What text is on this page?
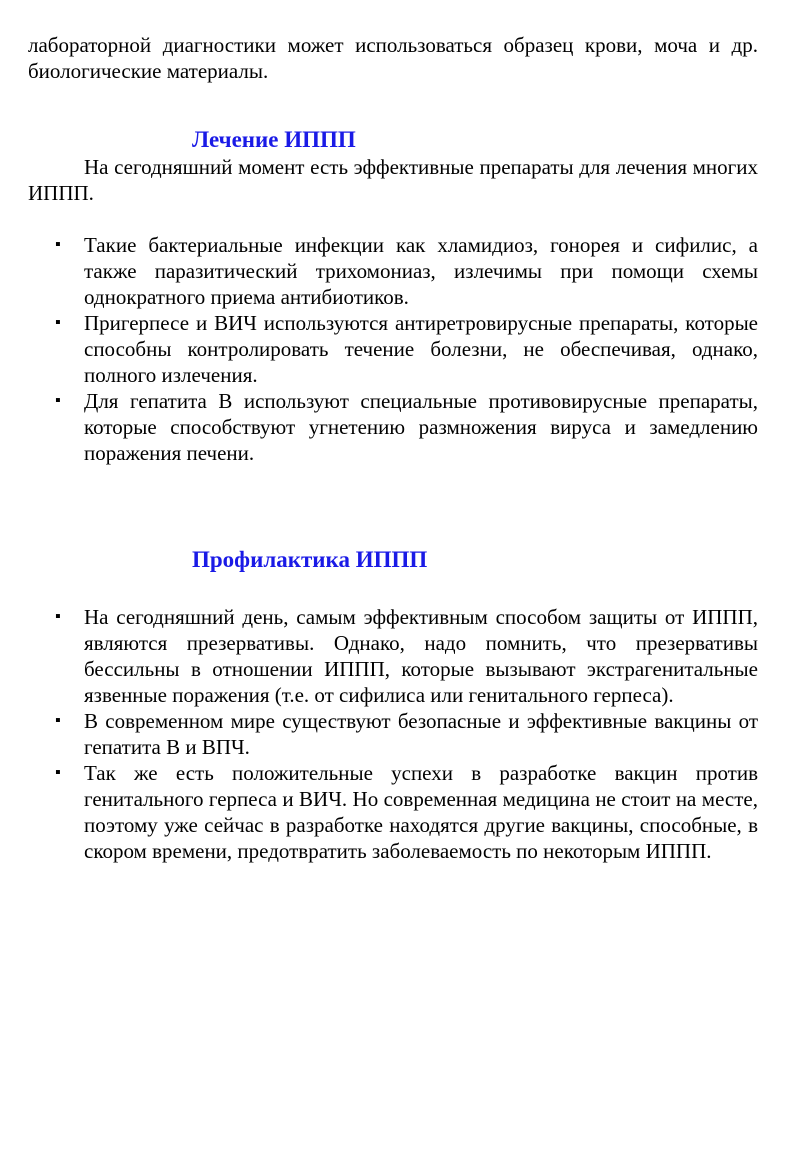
лабораторной диагностики может использоваться образец крови, моча и др. биологические материалы.

Лечение ИППП

На сегодняшний момент есть эффективные препараты для лечения многих ИППП.

▪ Такие бактериальные инфекции как хламидиоз, гонорея и сифилис, а также паразитический трихомониаз, излечимы при помощи схемы однократного приема антибиотиков.
▪ Пригерпесе и ВИЧ используются антиретровирусные препараты, которые способны контролировать течение болезни, не обеспечивая, однако, полного излечения.
▪ Для гепатита В используют специальные противовирусные препараты, которые способствуют угнетению размножения вируса и замедлению поражения печени.
Профилактика ИППП
▪ На сегодняшний день, самым эффективным способом защиты от ИППП, являются презервативы. Однако, надо помнить, что презервативы бессильны в отношении ИППП, которые вызывают экстрагенитальные язвенные поражения (т.е. от сифилиса или генитального герпеса).
▪ В современном мире существуют безопасные и эффективные вакцины от гепатита В и ВПЧ.
▪ Так же есть положительные успехи в разработке вакцин против генитального герпеса и ВИЧ. Но современная медицина не стоит на месте, поэтому уже сейчас в разработке находятся другие вакцины, способные, в скором времени, предотвратить заболеваемость по некоторым ИППП.
